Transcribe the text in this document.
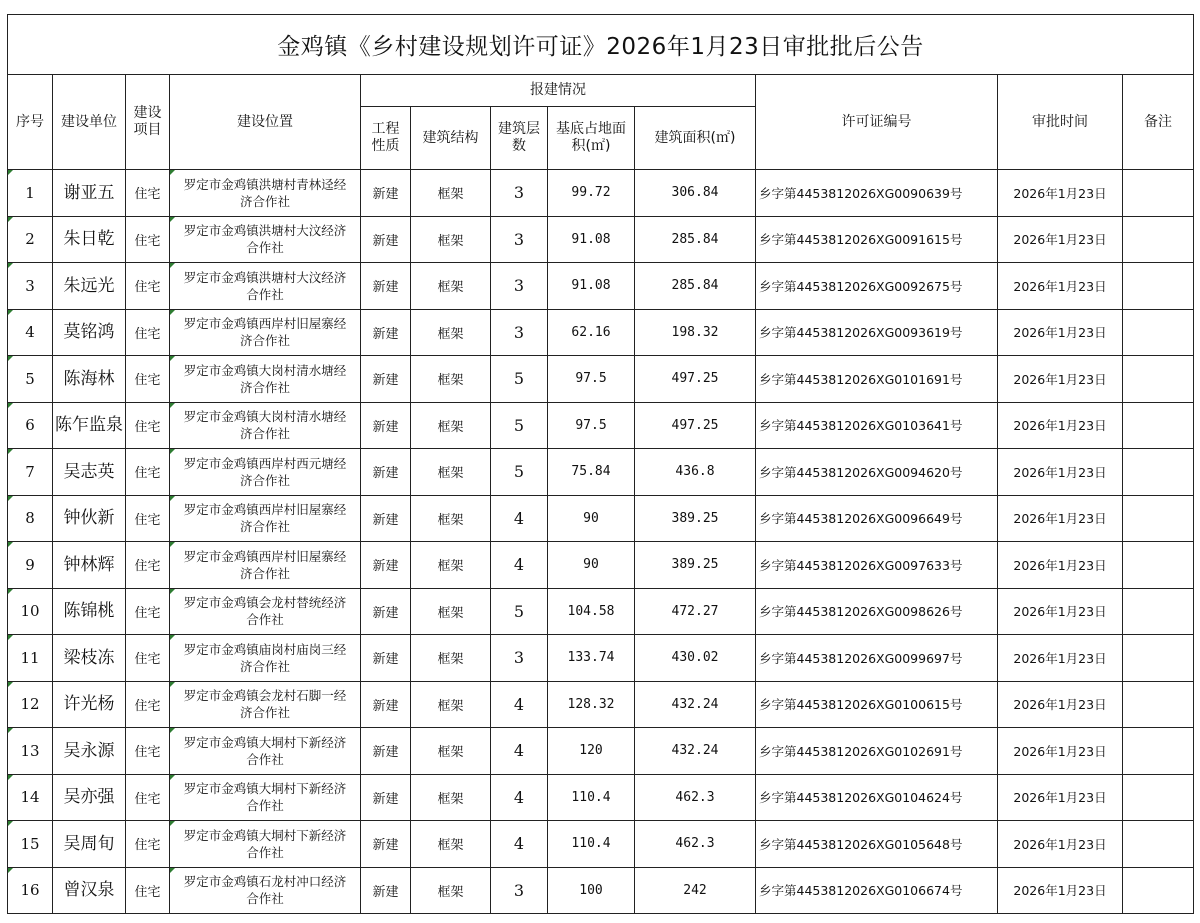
金鸡镇《乡村建设规划许可证》2026年1月23日审批批后公告											
序号	建设单位	建设项目	建设位置	报建情况					许可证编号	审批时间	备注
				工程性质	建筑结构	建筑层数	基底占地面积(㎡)	建筑面积(㎡)			
1	谢亚五	住宅	罗定市金鸡镇洪塘村青林迳经济合作社	新建	框架	3	99.72	306.84	乡字第4453812026XG0090639号	2026年1月23日	
2	朱日乾	住宅	罗定市金鸡镇洪塘村大汶经济合作社	新建	框架	3	91.08	285.84	乡字第4453812026XG0091615号	2026年1月23日	
3	朱远光	住宅	罗定市金鸡镇洪塘村大汶经济合作社	新建	框架	3	91.08	285.84	乡字第4453812026XG0092675号	2026年1月23日	
4	莫铭鸿	住宅	罗定市金鸡镇西岸村旧屋寨经济合作社	新建	框架	3	62.16	198.32	乡字第4453812026XG0093619号	2026年1月23日	
5	陈海林	住宅	罗定市金鸡镇大岗村清水塘经济合作社	新建	框架	5	97.5	497.25	乡字第4453812026XG0101691号	2026年1月23日	
6	陈乍监泉	住宅	罗定市金鸡镇大岗村清水塘经济合作社	新建	框架	5	97.5	497.25	乡字第4453812026XG0103641号	2026年1月23日	
7	吴志英	住宅	罗定市金鸡镇西岸村西元塘经济合作社	新建	框架	5	75.84	436.8	乡字第4453812026XG0094620号	2026年1月23日	
8	钟伙新	住宅	罗定市金鸡镇西岸村旧屋寨经济合作社	新建	框架	4	90	389.25	乡字第4453812026XG0096649号	2026年1月23日	
9	钟林辉	住宅	罗定市金鸡镇西岸村旧屋寨经济合作社	新建	框架	4	90	389.25	乡字第4453812026XG0097633号	2026年1月23日	
10	陈锦桃	住宅	罗定市金鸡镇会龙村替统经济合作社	新建	框架	5	104.58	472.27	乡字第4453812026XG0098626号	2026年1月23日	
11	梁枝冻	住宅	罗定市金鸡镇庙岗村庙岗三经济合作社	新建	框架	3	133.74	430.02	乡字第4453812026XG0099697号	2026年1月23日	
12	许光杨	住宅	罗定市金鸡镇会龙村石脚一经济合作社	新建	框架	4	128.32	432.24	乡字第4453812026XG0100615号	2026年1月23日	
13	吴永源	住宅	罗定市金鸡镇大垌村下新经济合作社	新建	框架	4	120	432.24	乡字第4453812026XG0102691号	2026年1月23日	
14	吴亦强	住宅	罗定市金鸡镇大垌村下新经济合作社	新建	框架	4	110.4	462.3	乡字第4453812026XG0104624号	2026年1月23日	
15	吴周旬	住宅	罗定市金鸡镇大垌村下新经济合作社	新建	框架	4	110.4	462.3	乡字第4453812026XG0105648号	2026年1月23日	
16	曾汉泉	住宅	罗定市金鸡镇石龙村冲口经济合作社	新建	框架	3	100	242	乡字第4453812026XG0106674号	2026年1月23日	
